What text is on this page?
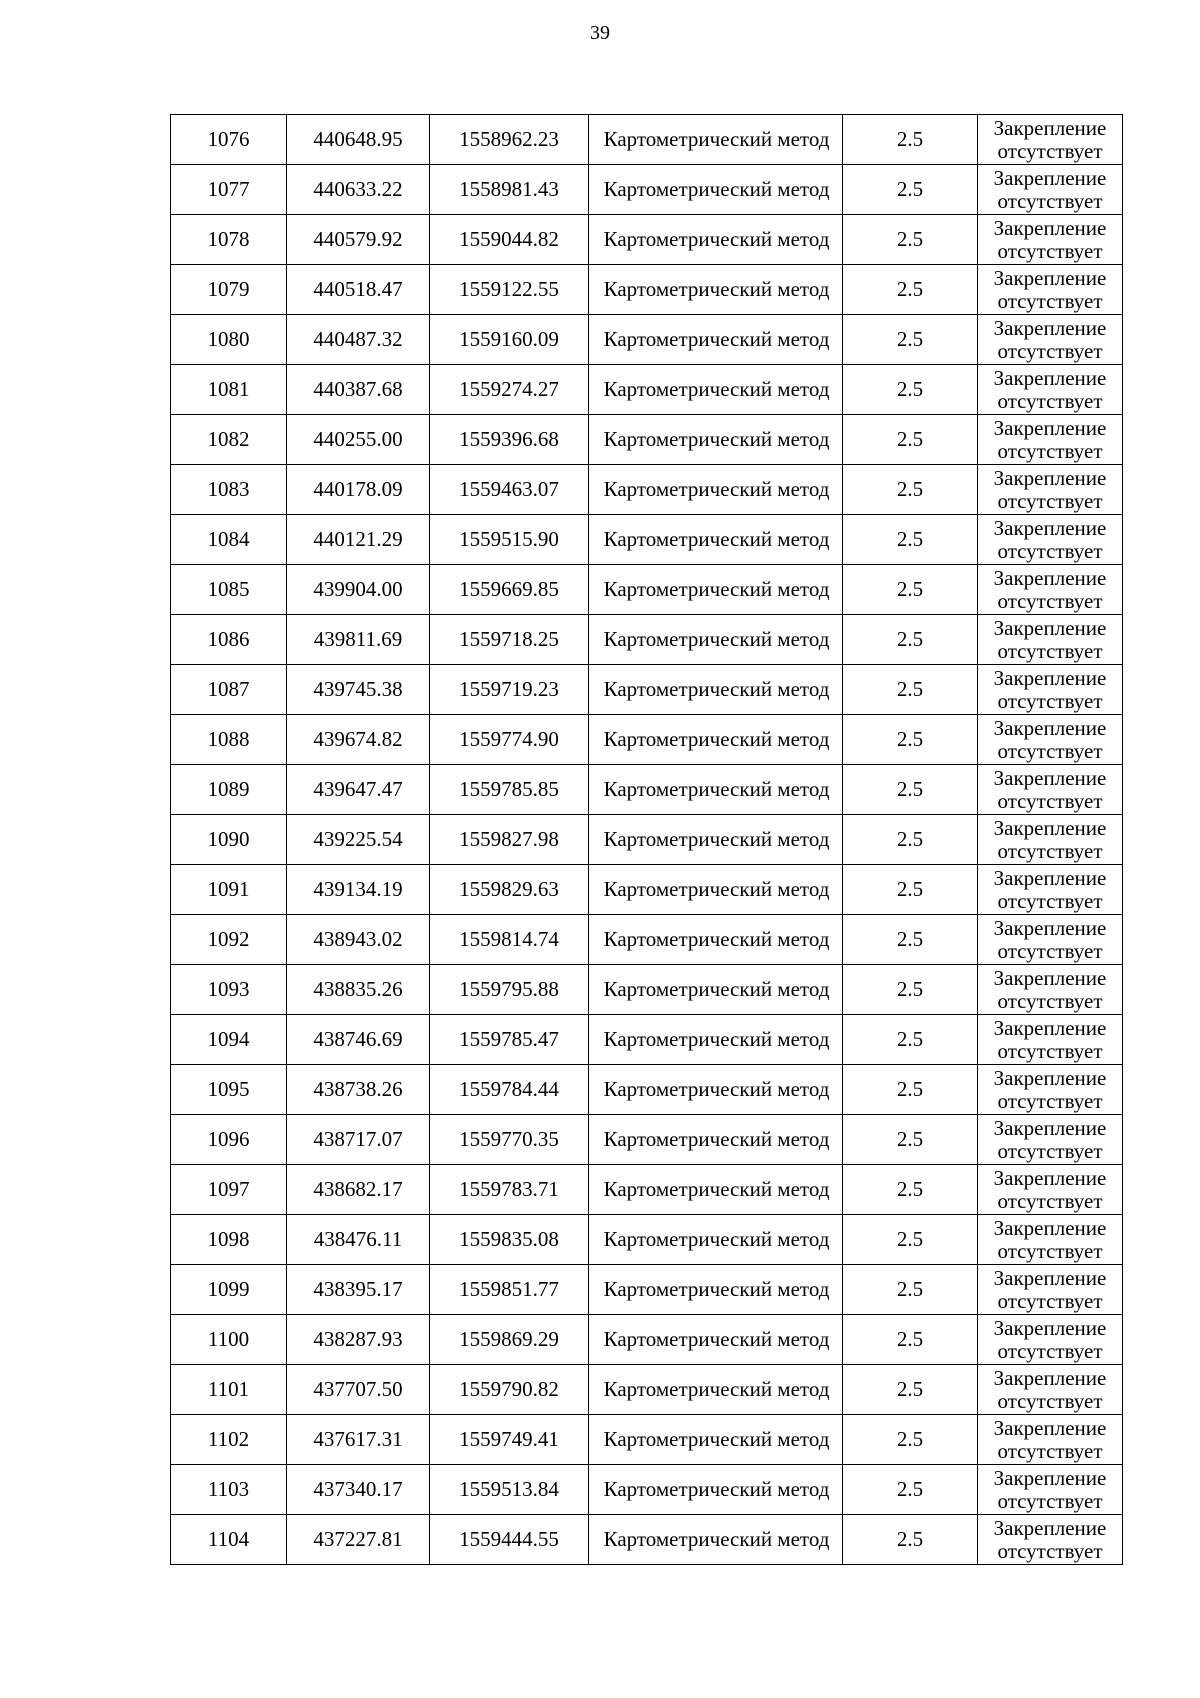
39
1076	440648.95	1558962.23	Картометрический метод	2.5	Закрепление
отсутствует

1077	440633.22	1558981.43	Картометрический метод	2.5	Закрепление
отсутствует

1078	440579.92	1559044.82	Картометрический метод	2.5	Закрепление
отсутствует

1079	440518.47	1559122.55	Картометрический метод	2.5	Закрепление
отсутствует

1080	440487.32	1559160.09	Картометрический метод	2.5	Закрепление
отсутствует

1081	440387.68	1559274.27	Картометрический метод	2.5	Закрепление
отсутствует

1082	440255.00	1559396.68	Картометрический метод	2.5	Закрепление
отсутствует

1083	440178.09	1559463.07	Картометрический метод	2.5	Закрепление
отсутствует

1084	440121.29	1559515.90	Картометрический метод	2.5	Закрепление
отсутствует

1085	439904.00	1559669.85	Картометрический метод	2.5	Закрепление
отсутствует

1086	439811.69	1559718.25	Картометрический метод	2.5	Закрепление
отсутствует

1087	439745.38	1559719.23	Картометрический метод	2.5	Закрепление
отсутствует

1088	439674.82	1559774.90	Картометрический метод	2.5	Закрепление
отсутствует

1089	439647.47	1559785.85	Картометрический метод	2.5	Закрепление
отсутствует

1090	439225.54	1559827.98	Картометрический метод	2.5	Закрепление
отсутствует

1091	439134.19	1559829.63	Картометрический метод	2.5	Закрепление
отсутствует

1092	438943.02	1559814.74	Картометрический метод	2.5	Закрепление
отсутствует

1093	438835.26	1559795.88	Картометрический метод	2.5	Закрепление
отсутствует

1094	438746.69	1559785.47	Картометрический метод	2.5	Закрепление
отсутствует

1095	438738.26	1559784.44	Картометрический метод	2.5	Закрепление
отсутствует

1096	438717.07	1559770.35	Картометрический метод	2.5	Закрепление
отсутствует

1097	438682.17	1559783.71	Картометрический метод	2.5	Закрепление
отсутствует

1098	438476.11	1559835.08	Картометрический метод	2.5	Закрепление
отсутствует

1099	438395.17	1559851.77	Картометрический метод	2.5	Закрепление
отсутствует

1100	438287.93	1559869.29	Картометрический метод	2.5	Закрепление
отсутствует

1101	437707.50	1559790.82	Картометрический метод	2.5	Закрепление
отсутствует

1102	437617.31	1559749.41	Картометрический метод	2.5	Закрепление
отсутствует

1103	437340.17	1559513.84	Картометрический метод	2.5	Закрепление
отсутствует

1104	437227.81	1559444.55	Картометрический метод	2.5	Закрепление
отсутствует
